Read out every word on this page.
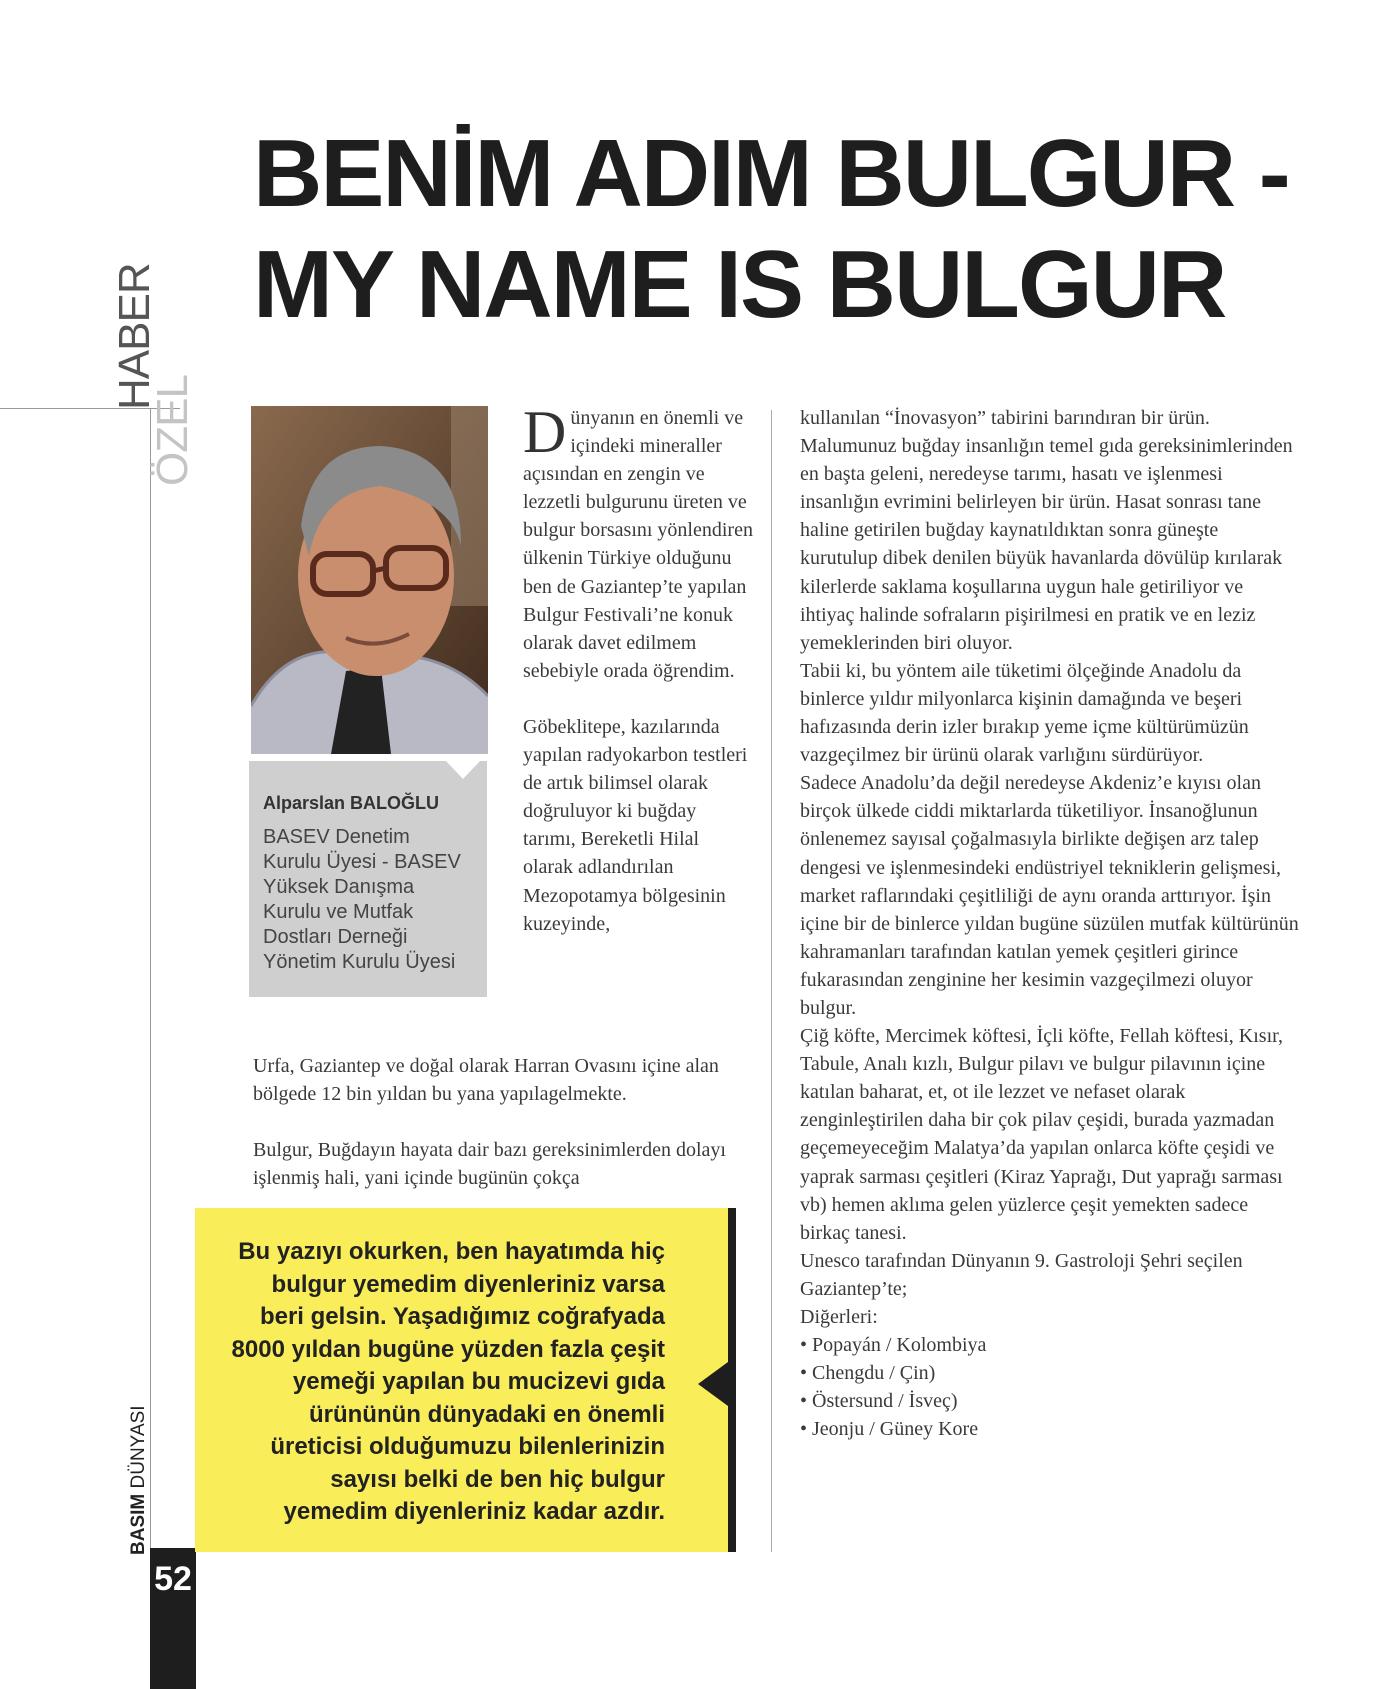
BENİM ADIM BULGUR -
MY NAME IS BULGUR
HABER
ÖZEL
BASIM DÜNYASI
52
Alparslan BALOĞLU
BASEV Denetim
Kurulu Üyesi - BASEV
Yüksek Danışma
Kurulu ve Mutfak
Dostları Derneği
Yönetim Kurulu Üyesi

Dünyanın en önemli ve içindeki mineraller açısından en zengin ve lezzetli bulgurunu üreten ve bulgur borsasını yönlendiren ülkenin Türkiye olduğunu ben de Gaziantep’te yapılan Bulgur Festivali’ne konuk olarak davet edilmem sebebiyle orada öğrendim.

Göbeklitepe, kazılarında yapılan radyokarbon testleri de artık bilimsel olarak doğruluyor ki buğday tarımı, Bereketli Hilal olarak adlandırılan Mezopotamya bölgesinin kuzeyinde,

Urfa, Gaziantep ve doğal olarak Harran Ovasını içine alan bölgede 12 bin yıldan bu yana yapılagelmekte.

Bulgur, Buğdayın hayata dair bazı gereksinimlerden dolayı işlenmiş hali, yani içinde bugünün çokça

Bu yazıyı okurken, ben hayatımda hiç bulgur yemedim diyenleriniz varsa beri gelsin. Yaşadığımız coğrafyada 8000 yıldan bugüne yüzden fazla çeşit yemeği yapılan bu mucizevi gıda ürününün dünyadaki en önemli üreticisi olduğumuzu bilenlerinizin sayısı belki de ben hiç bulgur yemedim diyenleriniz kadar azdır.

kullanılan “İnovasyon” tabirini barındıran bir ürün. Malumunuz buğday insanlığın temel gıda gereksinimlerinden en başta geleni, neredeyse tarımı, hasatı ve işlenmesi insanlığın evrimini belirleyen bir ürün. Hasat sonrası tane haline getirilen buğday kaynatıldıktan sonra güneşte kurutulup dibek denilen büyük havanlarda dövülüp kırılarak kilerlerde saklama koşullarına uygun hale getiriliyor ve ihtiyaç halinde sofraların pişirilmesi en pratik ve en leziz yemeklerinden biri oluyor.

Tabii ki, bu yöntem aile tüketimi ölçeğinde Anadolu da binlerce yıldır milyonlarca kişinin damağında ve beşeri hafızasında derin izler bırakıp yeme içme kültürümüzün vazgeçilmez bir ürünü olarak varlığını sürdürüyor.

Sadece Anadolu’da değil neredeyse Akdeniz’e kıyısı olan birçok ülkede ciddi miktarlarda tüketiliyor. İnsanoğlunun önlenemez sayısal çoğalmasıyla birlikte değişen arz talep dengesi ve işlenmesindeki endüstriyel tekniklerin gelişmesi, market raflarındaki çeşitliliği de aynı oranda arttırıyor. İşin içine bir de binlerce yıldan bugüne süzülen mutfak kültürünün kahramanları tarafından katılan yemek çeşitleri girince fukarasından zenginine her kesimin vazgeçilmezi oluyor bulgur.

Çiğ köfte, Mercimek köftesi, İçli köfte, Fellah köftesi, Kısır, Tabule, Analı kızlı, Bulgur pilavı ve bulgur pilavının içine katılan baharat, et, ot ile lezzet ve nefaset olarak zenginleştirilen daha bir çok pilav çeşidi, burada yazmadan geçemeyeceğim Malatya’da yapılan onlarca köfte çeşidi ve yaprak sarması çeşitleri (Kiraz Yaprağı, Dut yaprağı sarması vb) hemen aklıma gelen yüzlerce çeşit yemekten sadece birkaç tanesi.

Unesco tarafından Dünyanın 9. Gastroloji Şehri seçilen Gaziantep’te;

Diğerleri:

• Popayán / Kolombiya
• Chengdu / Çin)
• Östersund / İsveç)
• Jeonju / Güney Kore
